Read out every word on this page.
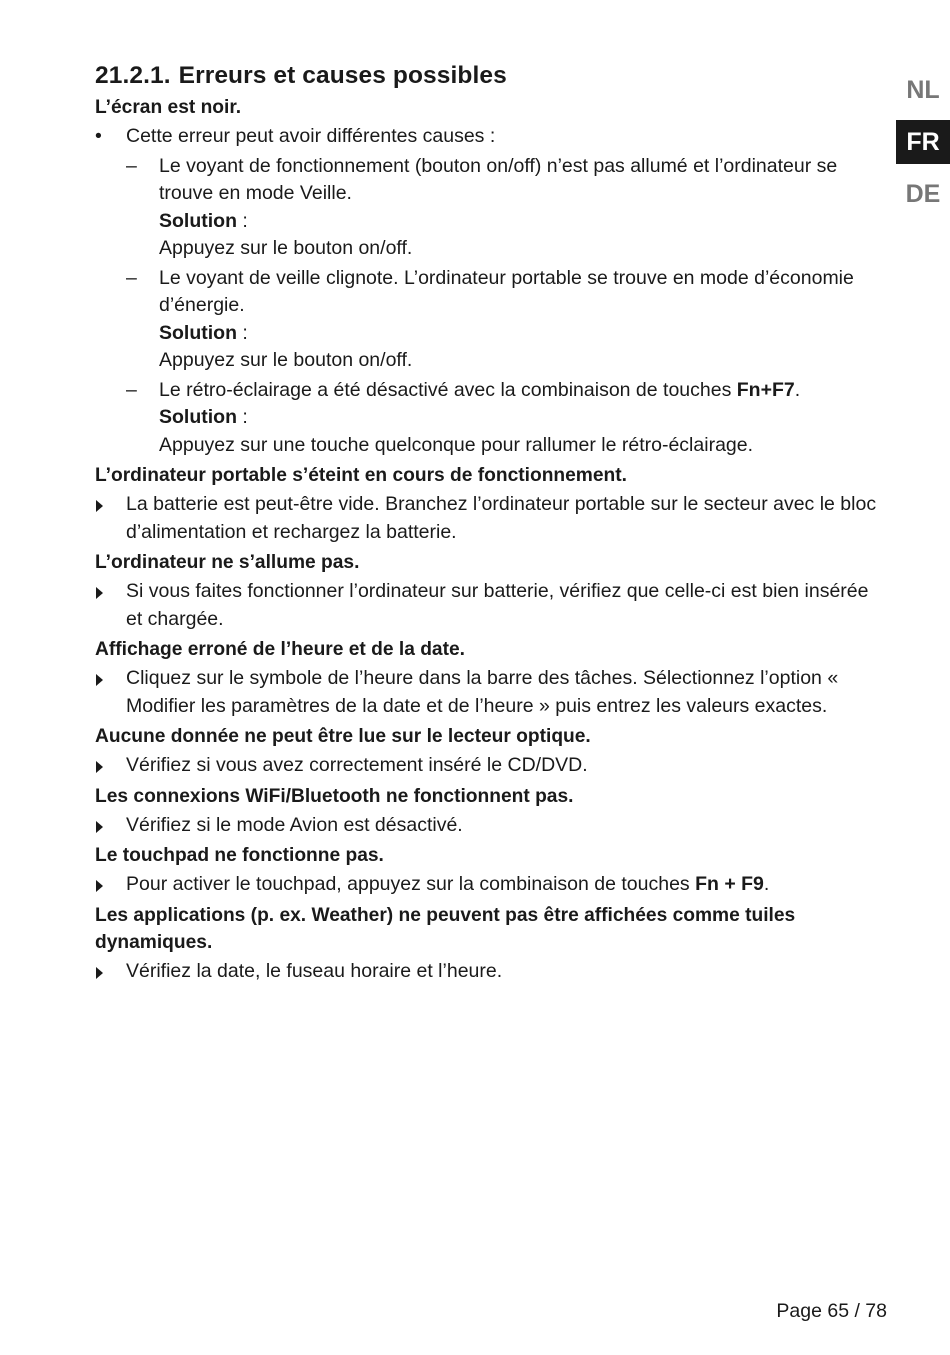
NL
FR
DE
21.2.1. Erreurs et causes possibles
L’écran est noir.
•	Cette erreur peut avoir différentes causes :
– Le voyant de fonctionnement (bouton on/off) n’est pas allumé et l’ordinateur se trouve en mode Veille.
Solution :
Appuyez sur le bouton on/off.
– Le voyant de veille clignote. L’ordinateur portable se trouve en mode d’économie d’énergie.
Solution :
Appuyez sur le bouton on/off.
– Le rétro-éclairage a été désactivé avec la combinaison de touches Fn+F7.
Solution :
Appuyez sur une touche quelconque pour rallumer le rétro-éclairage.
L’ordinateur portable s’éteint en cours de fonctionnement.
La batterie est peut-être vide. Branchez l’ordinateur portable sur le secteur avec le bloc d’alimentation et rechargez la batterie.
L’ordinateur ne s’allume pas.
Si vous faites fonctionner l’ordinateur sur batterie, vérifiez que celle-ci est bien insérée et chargée.
Affichage erroné de l’heure et de la date.
Cliquez sur le symbole de l’heure dans la barre des tâches. Sélectionnez l’option « Modifier les paramètres de la date et de l’heure » puis entrez les valeurs exactes.
Aucune donnée ne peut être lue sur le lecteur optique.
Vérifiez si vous avez correctement inséré le CD/DVD.
Les connexions WiFi/Bluetooth ne fonctionnent pas.
Vérifiez si le mode Avion est désactivé.
Le touchpad ne fonctionne pas.
Pour activer le touchpad, appuyez sur la combinaison de touches Fn + F9.
Les applications (p. ex. Weather) ne peuvent pas être affichées comme tuiles dynamiques.
Vérifiez la date, le fuseau horaire et l’heure.
Page 65 / 78
